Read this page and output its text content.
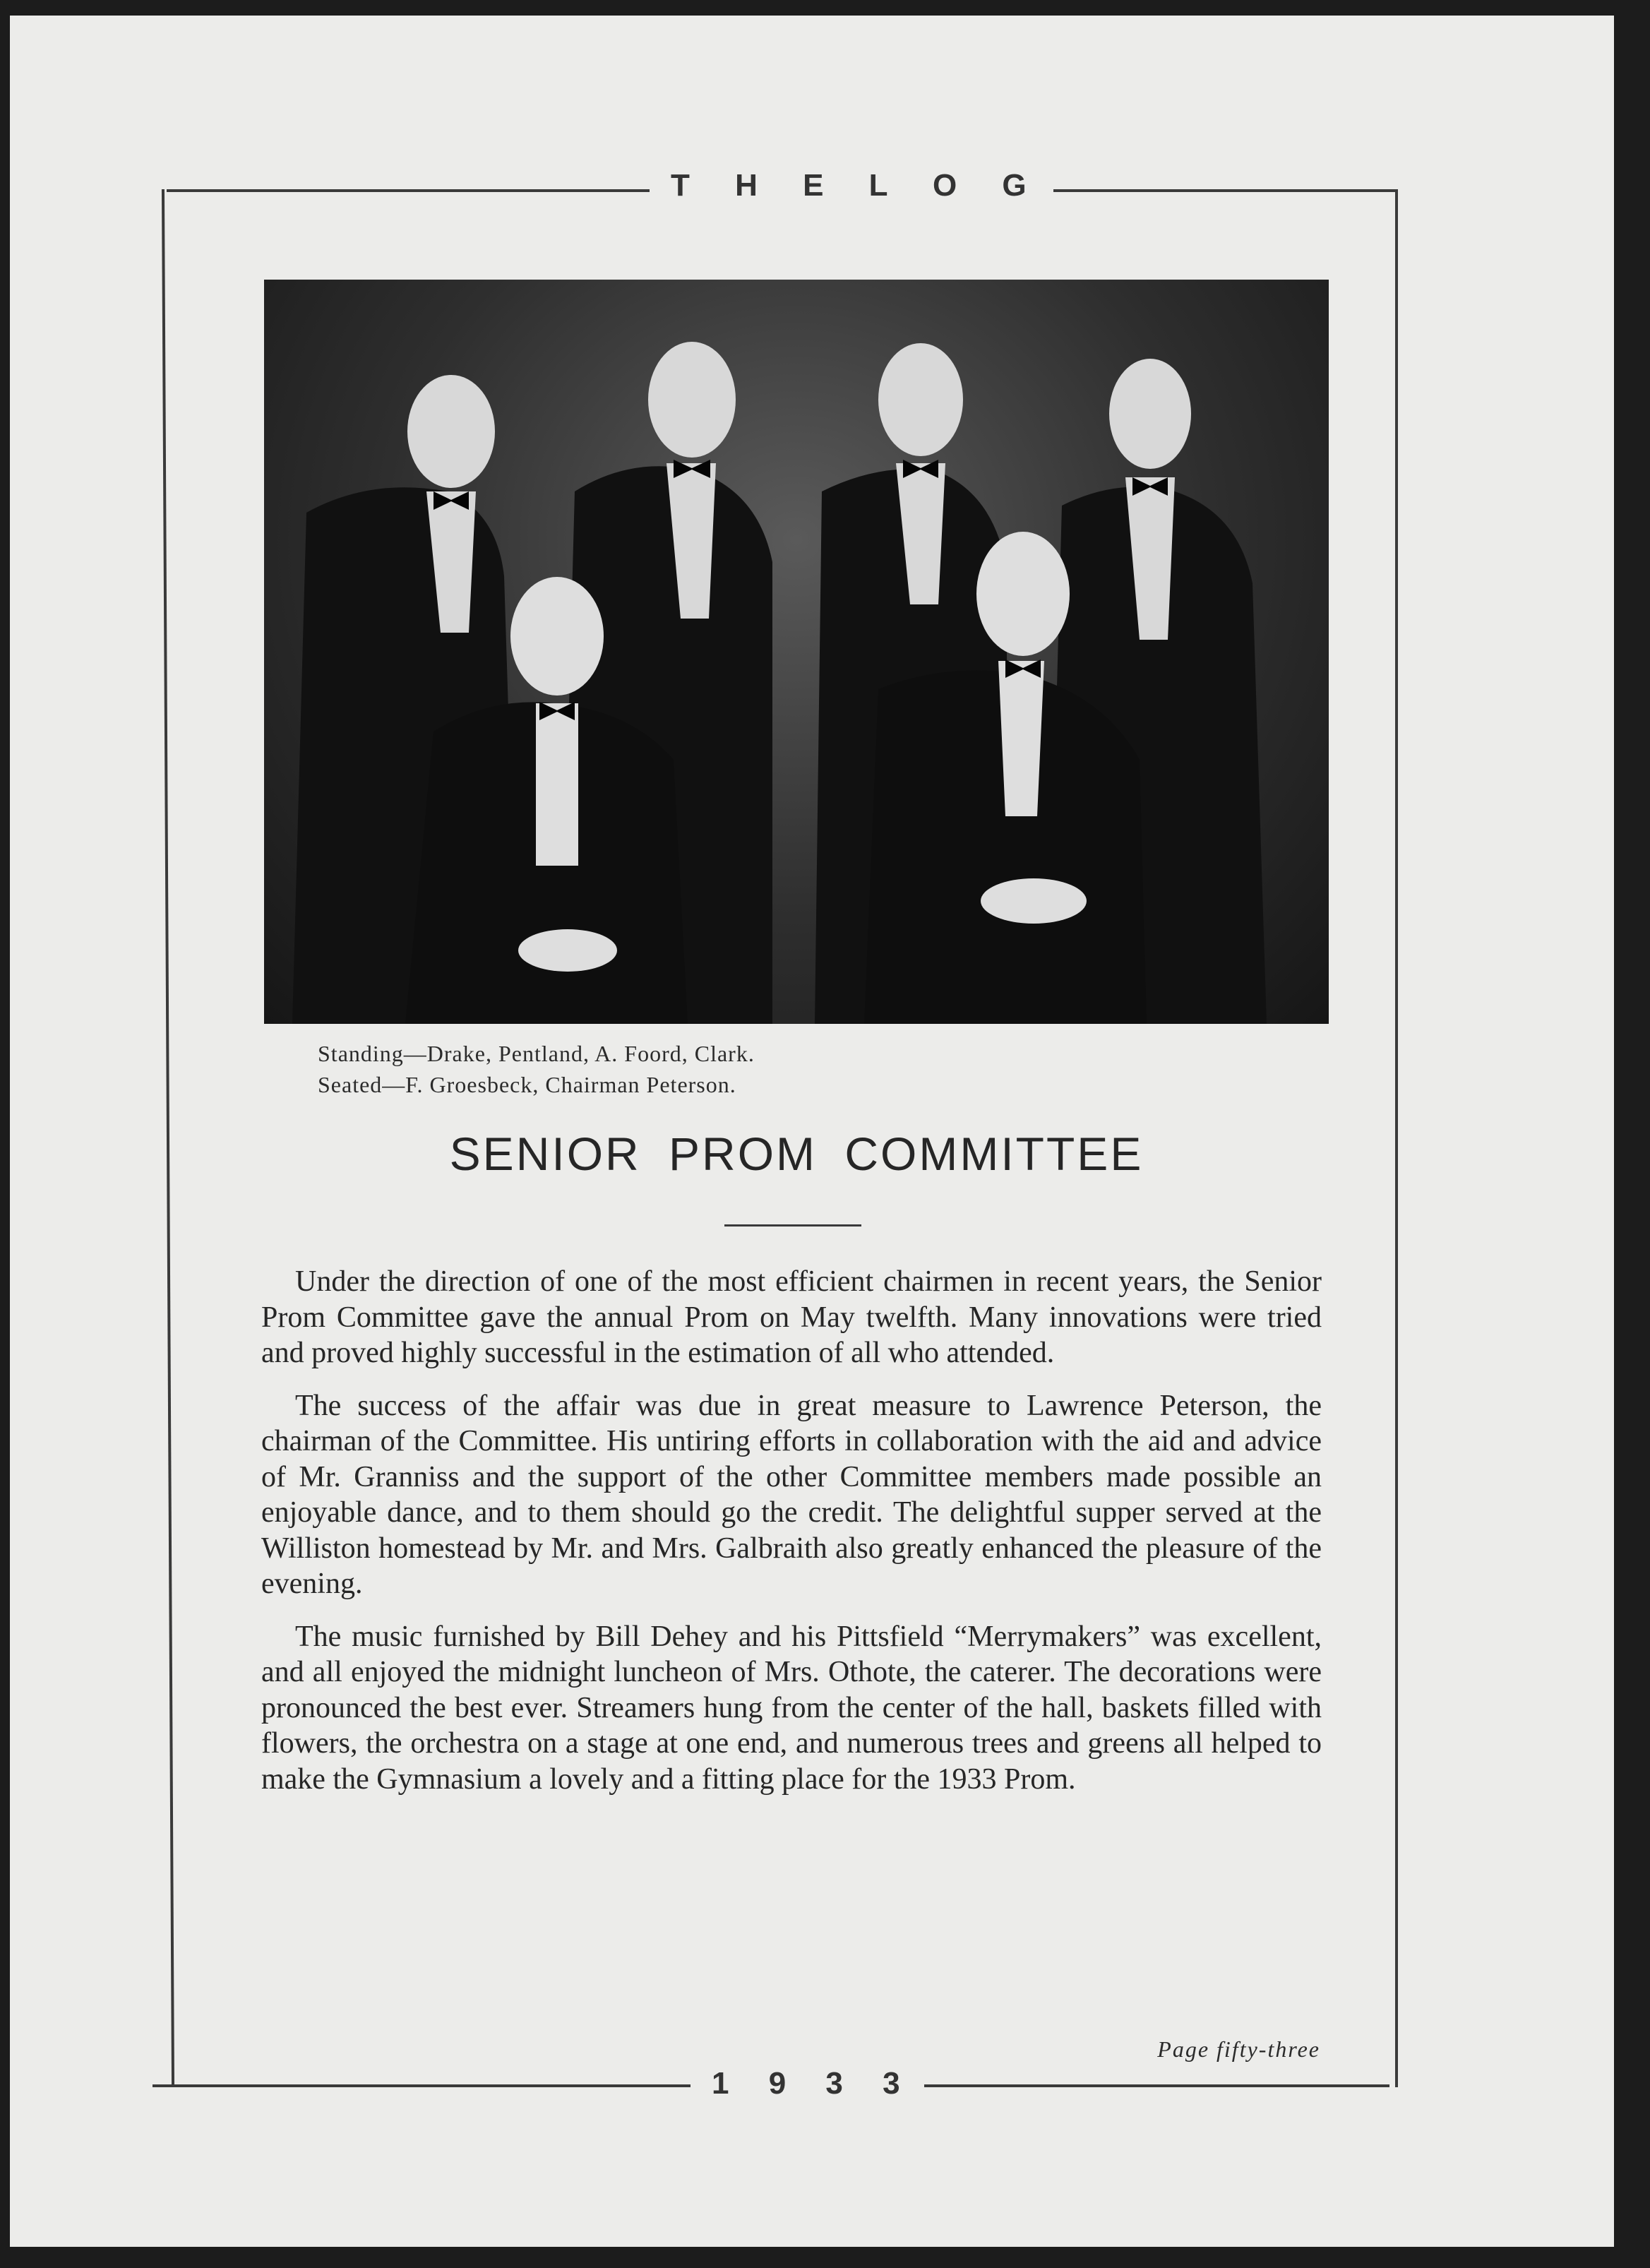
T H E L O G
Standing—Drake, Pentland, A. Foord, Clark.
Seated—F. Groesbeck, Chairman Peterson.
SENIOR PROM COMMITTEE

Under the direction of one of the most efficient chairmen in recent years, the Senior Prom Committee gave the annual Prom on May twelfth. Many innovations were tried and proved highly successful in the estimation of all who attended.

The success of the affair was due in great measure to Lawrence Peterson, the chairman of the Committee. His untiring efforts in collaboration with the aid and advice of Mr. Granniss and the support of the other Committee members made possible an enjoyable dance, and to them should go the credit. The delightful supper served at the Williston homestead by Mr. and Mrs. Galbraith also greatly enhanced the pleasure of the evening.

The music furnished by Bill Dehey and his Pittsfield “Merrymakers” was excellent, and all enjoyed the midnight luncheon of Mrs. Othote, the caterer. The decorations were pronounced the best ever. Streamers hung from the center of the hall, baskets filled with flowers, the orchestra on a stage at one end, and numerous trees and greens all helped to make the Gymnasium a lovely and a fitting place for the 1933 Prom.

Page fifty-three
1 9 3 3
